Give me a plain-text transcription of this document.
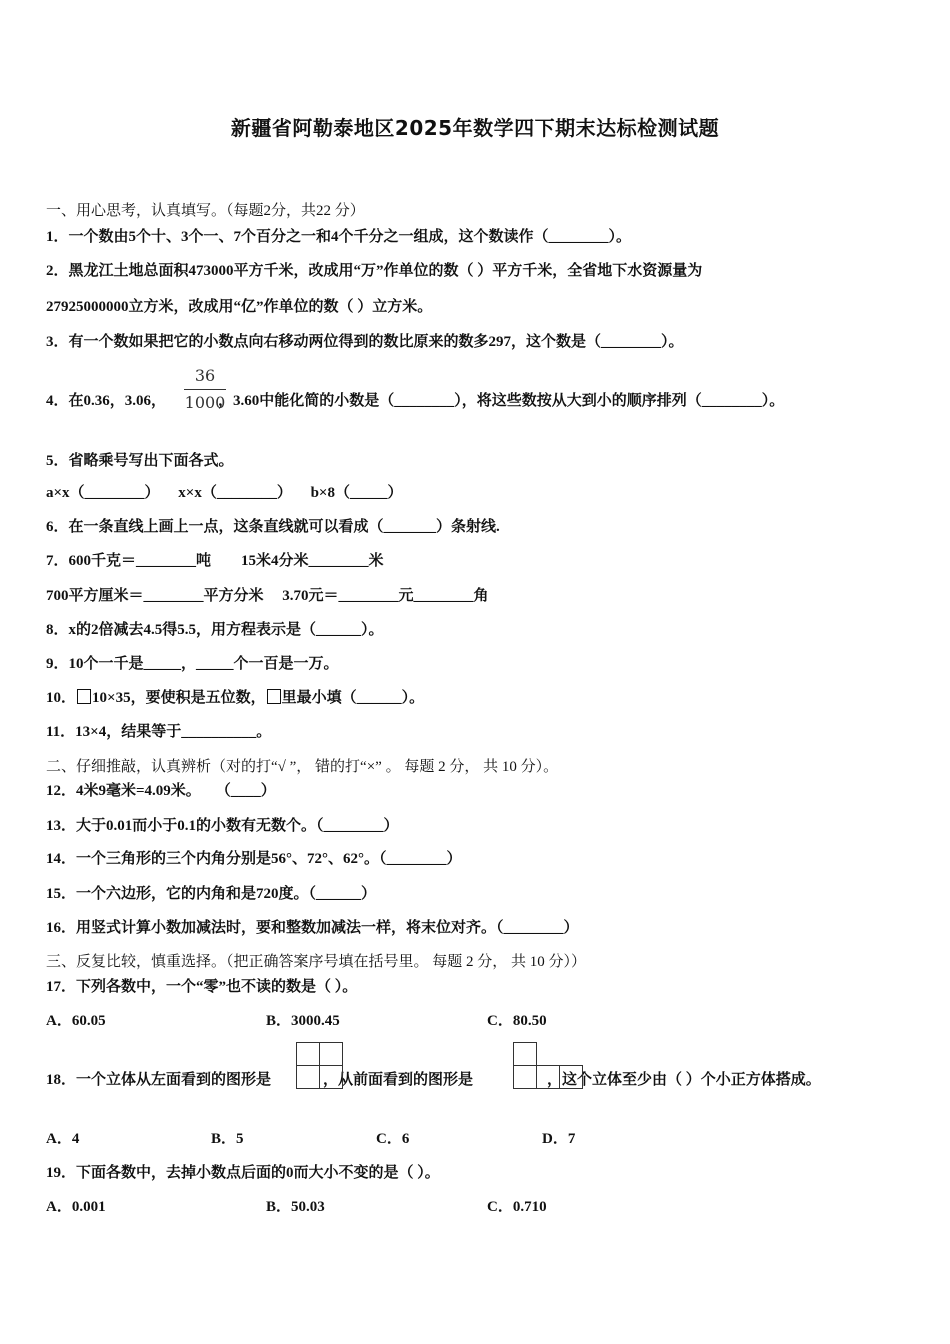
新疆省阿勒泰地区2025年数学四下期末达标检测试题
一、用心思考，认真填写。（每题2分，共22 分）
1．一个数由5个十、3个一、7个百分之一和4个千分之一组成，这个数读作（________）。
2．黑龙江土地总面积473000平方千米，改成用“万”作单位的数（ ）平方千米，全省地下水资源量为
27925000000立方米，改成用“亿”作单位的数（ ）立方米。
3．有一个数如果把它的小数点向右移动两位得到的数比原来的数多297，这个数是（________）。
4．在0.36，3.06，	，3.60中能化简的小数是（________），将这些数按从大到小的顺序排列（________）。
36
1000
5．省略乘号写出下面各式。
a×x（________）     x×x（________）     b×8（_____）
6．在一条直线上画上一点，这条直线就可以看成（_______）条射线.
7．600千克＝________吨        15米4分米________米
700平方厘米＝________平方分米     3.70元＝________元________角
8．x的2倍减去4.5得5.5，用方程表示是（______）。
9．10个一千是_____，_____个一百是一万。
10． 10×35，要使积是五位数， 里最小填（______）。
11．13×4，结果等于__________。
二、仔细推敲，认真辨析（对的打“√ ”， 错的打“×” 。 每题 2 分， 共 10 分）。
12．4米9毫米=4.09米。    （____）
13．大于0.01而小于0.1的小数有无数个。（________）
14．一个三角形的三个内角分别是56°、72°、62°。（________）
15．一个六边形，它的内角和是720度。（______）
16．用竖式计算小数加减法时，要和整数加减法一样，将末位对齐。（________）
三、反复比较，慎重选择。（把正确答案序号填在括号里。 每题 2 分， 共 10 分））
17．下列各数中，一个“零”也不读的数是（ ）。
A．60.05	B．3000.45	C．80.50
18．一个立体从左面看到的图形是	，从前面看到的图形是	，这个立体至少由（ ）个小正方体搭成。

A．4	B．5	C．6	D．7
19．下面各数中，去掉小数点后面的0而大小不变的是（ ）。
A．0.001	B．50.03	C．0.710
